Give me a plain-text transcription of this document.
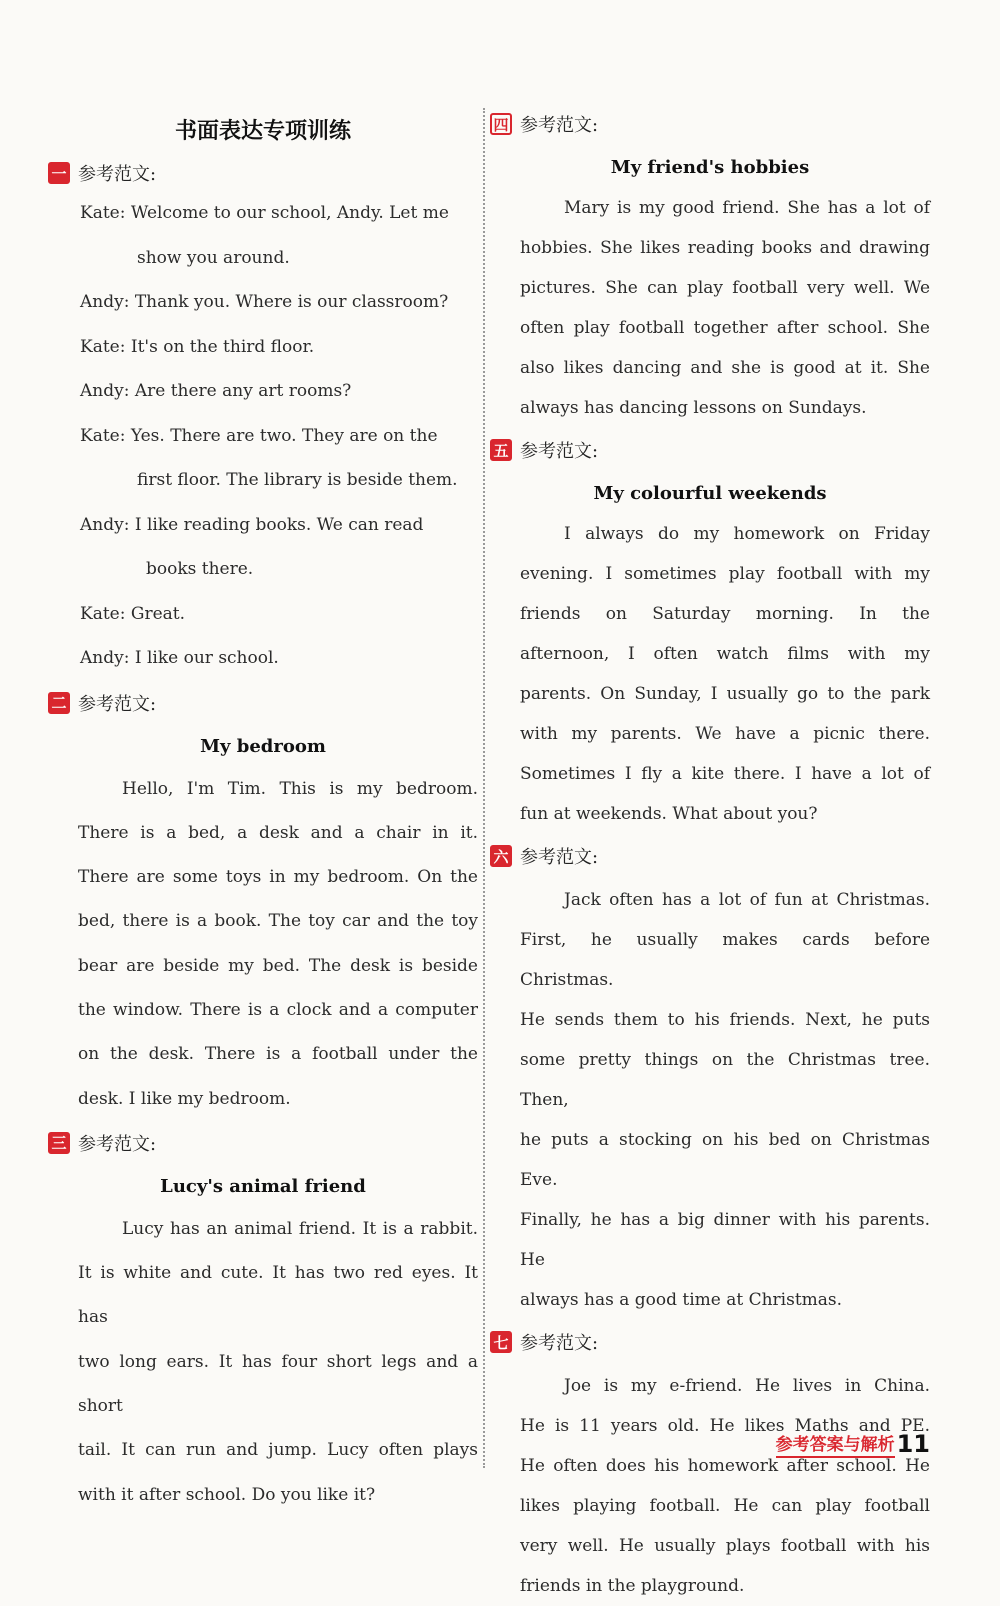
书面表达专项训练
一 参考范文:
Kate: Welcome to our school, Andy. Let me
show you around.
Andy: Thank you. Where is our classroom?
Kate: It's on the third floor.
Andy: Are there any art rooms?
Kate: Yes. There are two. They are on the
first floor. The library is beside them.
Andy: I like reading books. We can read
books there.
Kate: Great.
Andy: I like our school.
二 参考范文:
My bedroom
Hello, I'm Tim. This is my bedroom.
There is a bed, a desk and a chair in it.
There are some toys in my bedroom. On the
bed, there is a book. The toy car and the toy
bear are beside my bed. The desk is beside
the window. There is a clock and a computer
on the desk. There is a football under the
desk. I like my bedroom.
三 参考范文:
Lucy's animal friend
Lucy has an animal friend. It is a rabbit.
It is white and cute. It has two red eyes. It has
two long ears. It has four short legs and a short
tail. It can run and jump. Lucy often plays
with it after school. Do you like it?
四 参考范文:
My friend's hobbies
Mary is my good friend. She has a lot of
hobbies. She likes reading books and drawing
pictures. She can play football very well. We
often play football together after school. She
also likes dancing and she is good at it. She
always has dancing lessons on Sundays.
五 参考范文:
My colourful weekends
I always do my homework on Friday
evening. I sometimes play football with my
friends on Saturday morning. In the
afternoon, I often watch films with my
parents. On Sunday, I usually go to the park
with my parents. We have a picnic there.
Sometimes I fly a kite there. I have a lot of
fun at weekends. What about you?
六 参考范文:
Jack often has a lot of fun at Christmas.
First, he usually makes cards before Christmas.
He sends them to his friends. Next, he puts
some pretty things on the Christmas tree. Then,
he puts a stocking on his bed on Christmas Eve.
Finally, he has a big dinner with his parents. He
always has a good time at Christmas.
七 参考范文:
Joe is my e-friend. He lives in China.
He is 11 years old. He likes Maths and PE.
He often does his homework after school. He
likes playing football. He can play football
very well. He usually plays football with his
friends in the playground.
参考答案与解析 11
